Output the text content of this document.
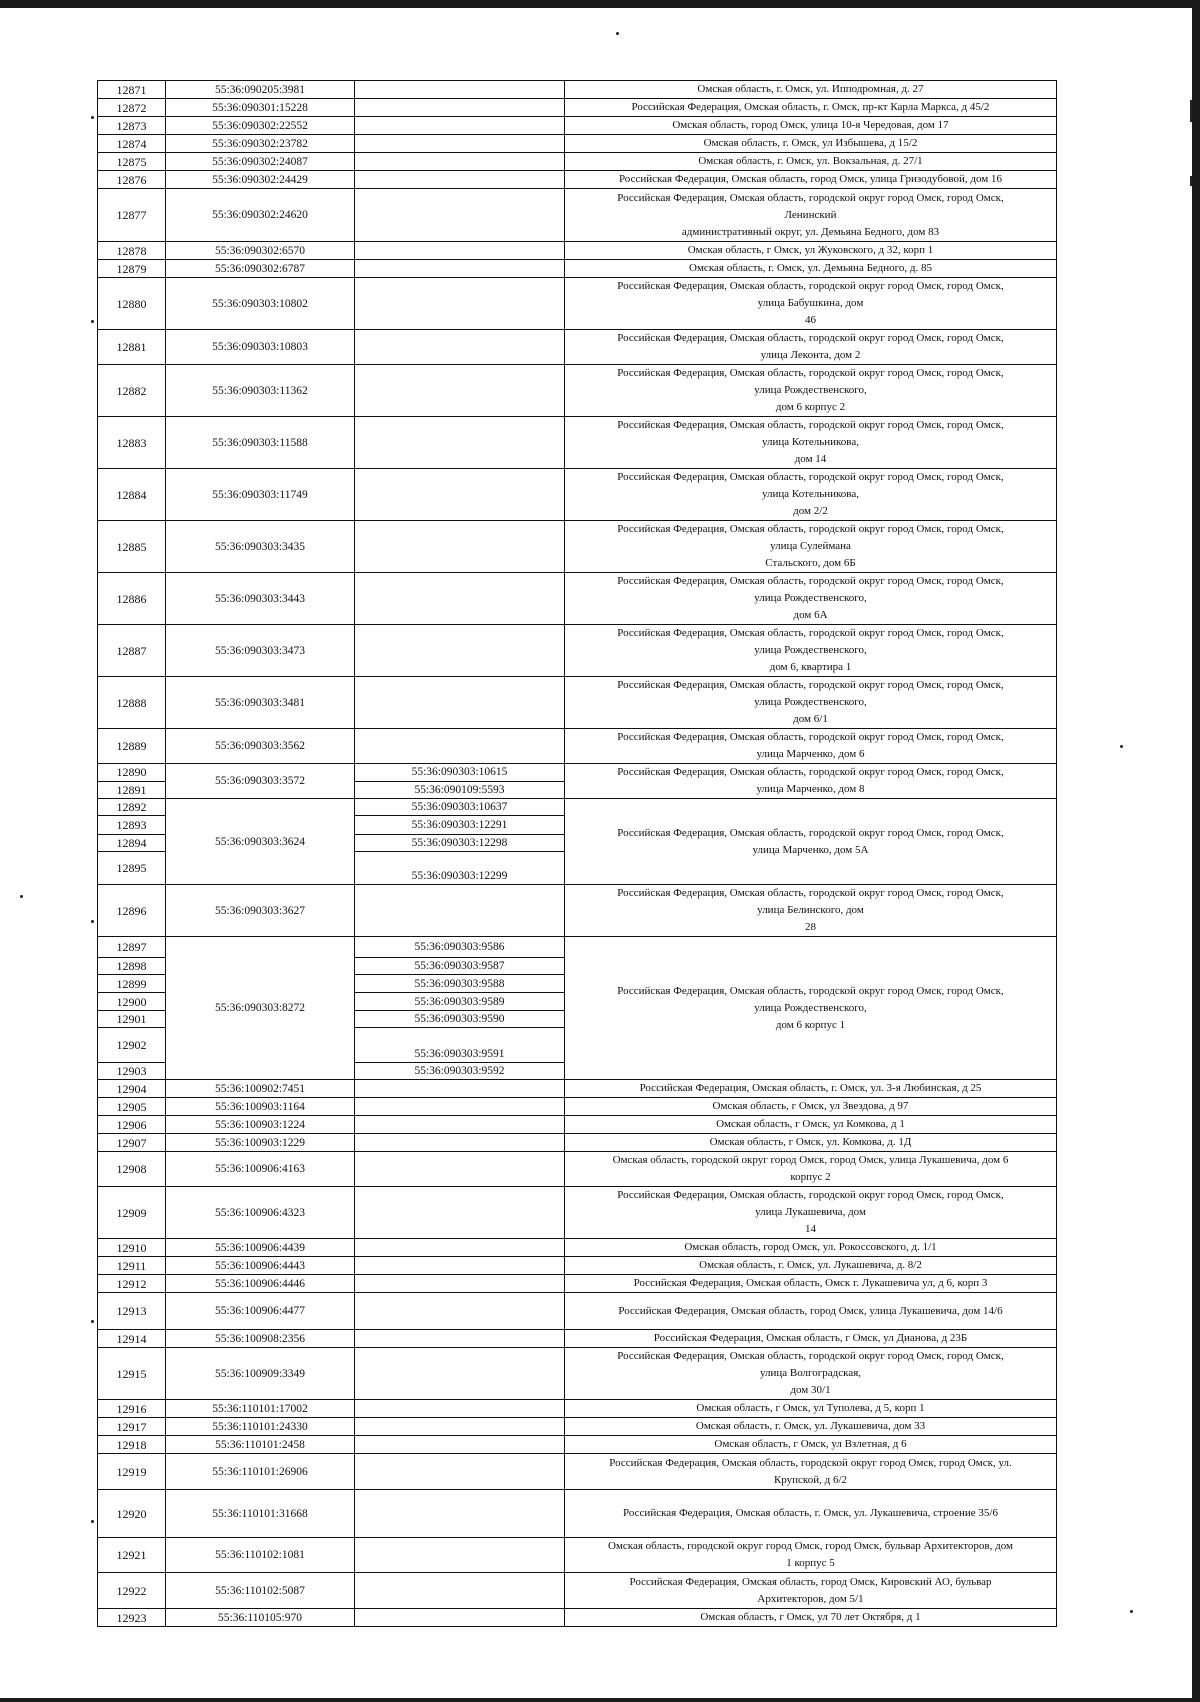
12871	55:36:090205:3981		Омская область, г. Омск, ул. Ипподромная, д. 27

12872	55:36:090301:15228		Российская Федерация, Омская область, г. Омск, пр-кт Карла Маркса, д 45/2

12873	55:36:090302:22552		Омская область, город Омск, улица 10-я Чередовая, дом 17

12874	55:36:090302:23782		Омская область, г. Омск, ул Избышева, д 15/2

12875	55:36:090302:24087		Омская область, г. Омск, ул. Вокзальная, д. 27/1

12876	55:36:090302:24429		Российская Федерация, Омская область, город Омск, улица Гризодубовой, дом 16

12877	55:36:090302:24620		Российская Федерация, Омская область, городской округ город Омск, город Омск,
Ленинский
административный округ, ул. Демьяна Бедного, дом 83

12878	55:36:090302:6570		Омская область, г Омск, ул Жуковского, д 32, корп 1

12879	55:36:090302:6787		Омская область, г. Омск, ул. Демьяна Бедного, д. 85

12880	55:36:090303:10802		Российская Федерация, Омская область, городской округ город Омск, город Омск,
улица Бабушкина, дом
46

12881	55:36:090303:10803		Российская Федерация, Омская область, городской округ город Омск, город Омск,
улица Леконта, дом 2

12882	55:36:090303:11362		Российская Федерация, Омская область, городской округ город Омск, город Омск,
улица Рождественского,
дом 6 корпус 2

12883	55:36:090303:11588		Российская Федерация, Омская область, городской округ город Омск, город Омск,
улица Котельникова,
дом 14

12884	55:36:090303:11749		Российская Федерация, Омская область, городской округ город Омск, город Омск,
улица Котельникова,
дом 2/2

12885	55:36:090303:3435		Российская Федерация, Омская область, городской округ город Омск, город Омск,
улица Сулеймана
Стальского, дом 6Б

12886	55:36:090303:3443		Российская Федерация, Омская область, городской округ город Омск, город Омск,
улица Рождественского,
дом 6А

12887	55:36:090303:3473		Российская Федерация, Омская область, городской округ город Омск, город Омск,
улица Рождественского,
дом 6, квартира 1

12888	55:36:090303:3481		Российская Федерация, Омская область, городской округ город Омск, город Омск,
улица Рождественского,
дом 6/1

12889	55:36:090303:3562		Российская Федерация, Омская область, городской округ город Омск, город Омск,
улица Марченко, дом 6

12890	55:36:090303:3572	55:36:090303:10615	Российская Федерация, Омская область, городской округ город Омск, город Омск,
улица Марченко, дом 8

12891		55:36:090109:5593	
12892	55:36:090303:3624	55:36:090303:10637	Российская Федерация, Омская область, городской округ город Омск, город Омск,
улица Марченко, дом 5А

12893		55:36:090303:12291	
12894		55:36:090303:12298	
12895		55:36:090303:12299	
12896	55:36:090303:3627		Российская Федерация, Омская область, городской округ город Омск, город Омск,
улица Белинского, дом
28

12897	55:36:090303:8272	55:36:090303:9586	Российская Федерация, Омская область, городской округ город Омск, город Омск,
улица Рождественского,
дом 6 корпус 1

12898		55:36:090303:9587	
12899		55:36:090303:9588	
12900		55:36:090303:9589	
12901		55:36:090303:9590	
12902		55:36:090303:9591	
12903		55:36:090303:9592	
12904	55:36:100902:7451		Российская Федерация, Омская область, г. Омск, ул. 3-я Любинская, д 25

12905	55:36:100903:1164		Омская область, г Омск, ул Звездова, д 97

12906	55:36:100903:1224		Омская область, г Омск, ул Комкова, д 1

12907	55:36:100903:1229		Омская область, г Омск, ул. Комкова, д. 1Д

12908	55:36:100906:4163		Омская область, городской округ город Омск, город Омск, улица Лукашевича, дом 6
корпус 2

12909	55:36:100906:4323		Российская Федерация, Омская область, городской округ город Омск, город Омск,
улица Лукашевича, дом
14

12910	55:36:100906:4439		Омская область, город Омск, ул. Рокоссовского, д. 1/1

12911	55:36:100906:4443		Омская область, г. Омск, ул. Лукашевича, д. 8/2

12912	55:36:100906:4446		Российская Федерация, Омская область, Омск г. Лукашевича ул, д 6, корп 3

12913	55:36:100906:4477		Российская Федерация, Омская область, город Омск, улица Лукашевича, дом 14/6

12914	55:36:100908:2356		Российская Федерация, Омская область, г Омск, ул Дианова, д 23Б

12915	55:36:100909:3349		Российская Федерация, Омская область, городской округ город Омск, город Омск,
улица Волгоградская,
дом 30/1

12916	55:36:110101:17002		Омская область, г Омск, ул Туполева, д 5, корп 1

12917	55:36:110101:24330		Омская область, г. Омск, ул. Лукашевича, дом 33

12918	55:36:110101:2458		Омская область, г Омск, ул Взлетная, д 6

12919	55:36:110101:26906		Российская Федерация, Омская область, городской округ город Омск, город Омск, ул.
Крупской, д 6/2

12920	55:36:110101:31668		Российская Федерация, Омская область, г. Омск, ул. Лукашевича, строение 35/6

12921	55:36:110102:1081		Омская область, городской округ город Омск, город Омск, бульвар Архитекторов, дом
1 корпус 5

12922	55:36:110102:5087		Российская Федерация, Омская область, город Омск, Кировский АО, бульвар
Архитекторов, дом 5/1

12923	55:36:110105:970		Омская область, г Омск, ул 70 лет Октября, д 1
